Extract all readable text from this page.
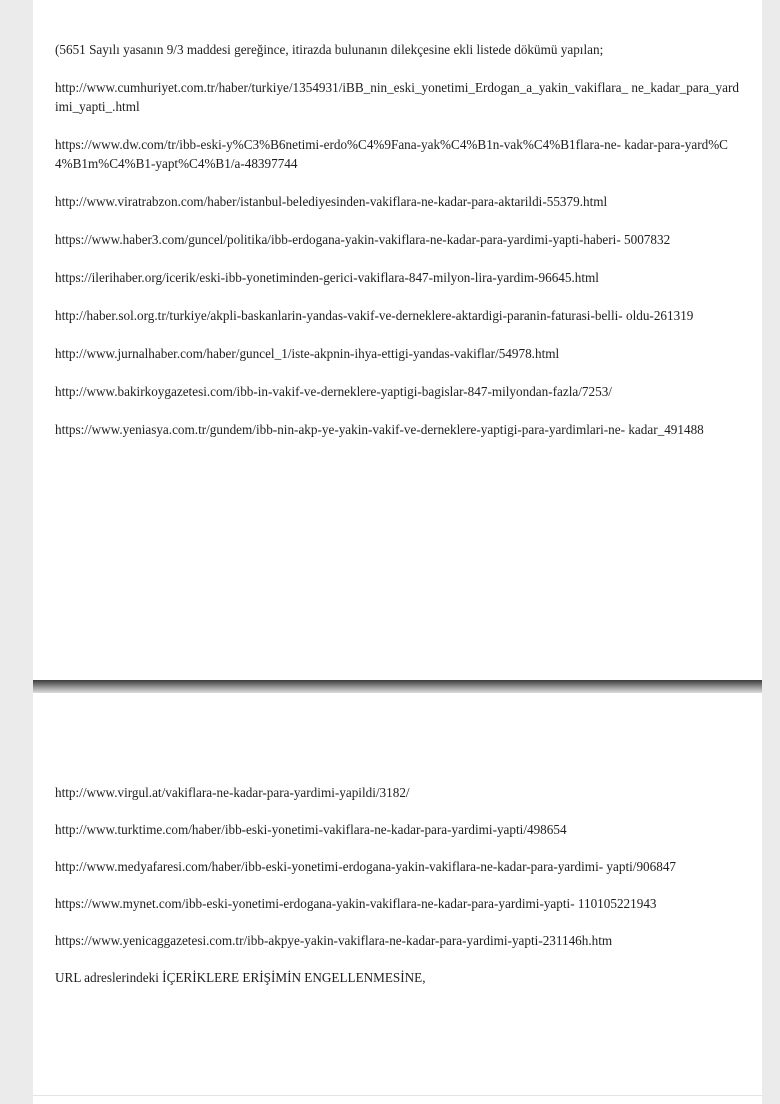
(5651 Sayılı yasanın 9/3 maddesi gereğince, itirazda bulunanın dilekçesine ekli listede dökümü yapılan;

http://www.cumhuriyet.com.tr/haber/turkiye/1354931/iBB_nin_eski_yonetimi_Erdogan_a_yakin_vakiflara_ ne_kadar_para_yardimi_yapti_.html

https://www.dw.com/tr/ibb-eski-y%C3%B6netimi-erdo%C4%9Fana-yak%C4%B1n-vak%C4%B1flara-ne- kadar-para-yard%C4%B1m%C4%B1-yapt%C4%B1/a-48397744

http://www.viratrabzon.com/haber/istanbul-belediyesinden-vakiflara-ne-kadar-para-aktarildi-55379.html

https://www.haber3.com/guncel/politika/ibb-erdogana-yakin-vakiflara-ne-kadar-para-yardimi-yapti-haberi- 5007832

https://ilerihaber.org/icerik/eski-ibb-yonetiminden-gerici-vakiflara-847-milyon-lira-yardim-96645.html

http://haber.sol.org.tr/turkiye/akpli-baskanlarin-yandas-vakif-ve-derneklere-aktardigi-paranin-faturasi-belli- oldu-261319

http://www.jurnalhaber.com/haber/guncel_1/iste-akpnin-ihya-ettigi-yandas-vakiflar/54978.html

http://www.bakirkoygazetesi.com/ibb-in-vakif-ve-derneklere-yaptigi-bagislar-847-milyondan-fazla/7253/

https://www.yeniasya.com.tr/gundem/ibb-nin-akp-ye-yakin-vakif-ve-derneklere-yaptigi-para-yardimlari-ne- kadar_491488

http://www.virgul.at/vakiflara-ne-kadar-para-yardimi-yapildi/3182/

http://www.turktime.com/haber/ibb-eski-yonetimi-vakiflara-ne-kadar-para-yardimi-yapti/498654

http://www.medyafaresi.com/haber/ibb-eski-yonetimi-erdogana-yakin-vakiflara-ne-kadar-para-yardimi- yapti/906847

https://www.mynet.com/ibb-eski-yonetimi-erdogana-yakin-vakiflara-ne-kadar-para-yardimi-yapti- 110105221943

https://www.yenicaggazetesi.com.tr/ibb-akpye-yakin-vakiflara-ne-kadar-para-yardimi-yapti-231146h.htm

URL adreslerindeki İÇERİKLERE ERİŞİMİN ENGELLENMESİNE,
